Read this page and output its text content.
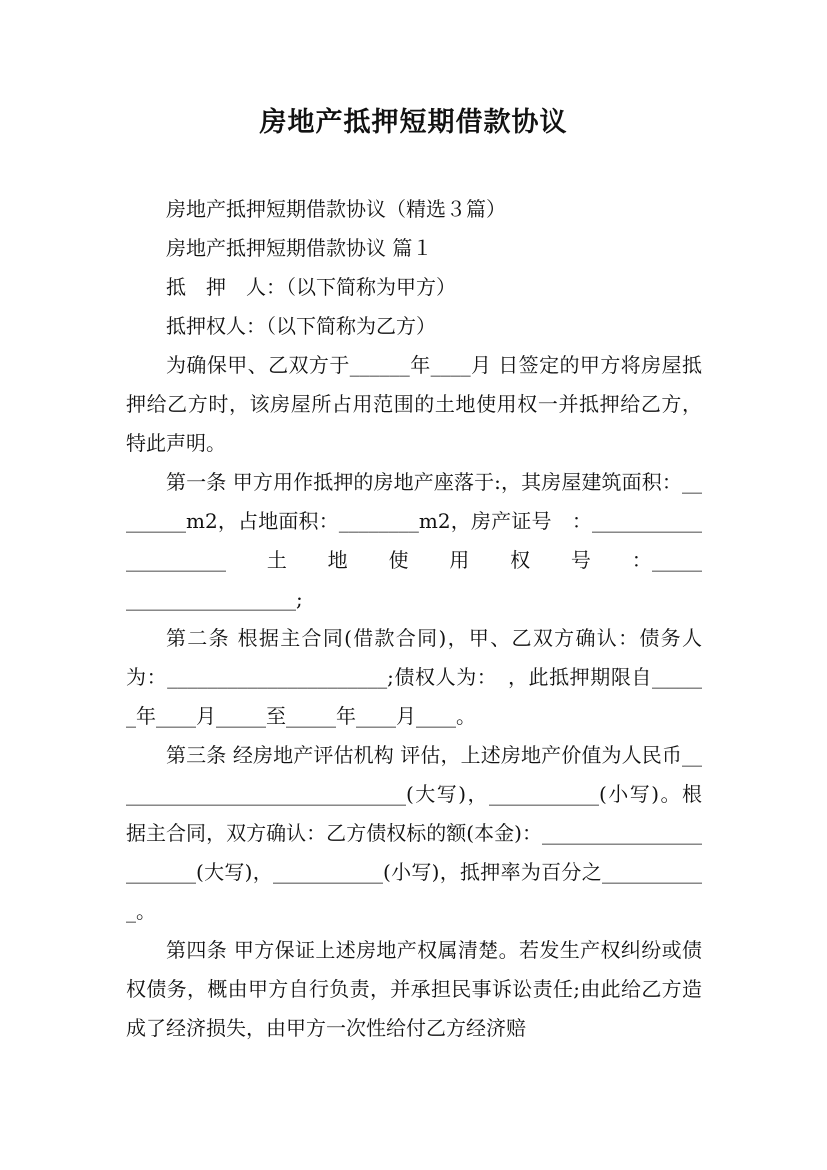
房地产抵押短期借款协议

房地产抵押短期借款协议（精选３篇）

房地产抵押短期借款协议 篇１

抵　押　人：（以下简称为甲方）

抵押权人：（以下简称为乙方）

为确保甲、乙双方于______年____月 日签定的甲方将房屋抵押给乙方时，该房屋所占用范围的土地使用权一并抵押给乙方，特此声明。

第一条 甲方用作抵押的房地产座落于:，其房屋建筑面积：________m2，占地面积：________m2，房产证号　：_____________________　　土　　地　　使　　用　　权　　号　　：______________________;

第二条 根据主合同(借款合同)，甲、乙双方确认：债务人为：______________________;债权人为：　，此抵押期限自______年____月_____至_____年____月____。

第三条 经房地产评估机构 评估，上述房地产价值为人民币______________________________(大写)，___________(小写)。根据主合同，双方确认：乙方债权标的额(本金)：_______________________(大写)，___________(小写)，抵押率为百分之___________。

第四条 甲方保证上述房地产权属清楚。若发生产权纠纷或债权债务，概由甲方自行负责，并承担民事诉讼责任;由此给乙方造成了经济损失，由甲方一次性给付乙方经济赔
